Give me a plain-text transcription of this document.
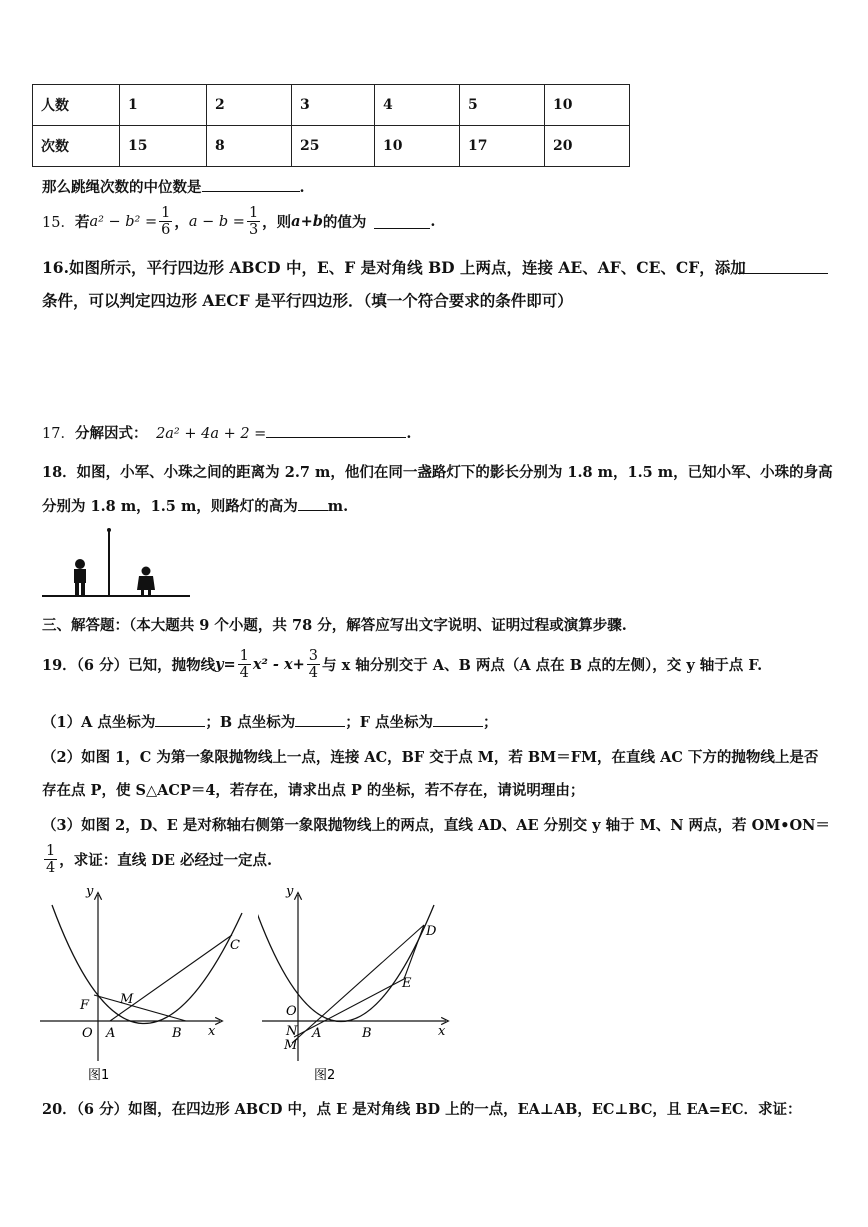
人数	1	2	3	4	5	10
次数	15	8	25	10	17	20
那么跳绳次数的中位数是	.
15． 若 $a^2 - b^2 = \frac{1}{6}$ ， $a - b = \frac{1}{3}$ ，则 a+b 的值为	.
16.如图所示，平行四边形 ABCD 中，E、F 是对角线 BD 上两点，连接 AE、AF、CE、CF，添加
条件，可以判定四边形 AECF 是平行四边形．（填一个符合要求的条件即可）
17．分解因式： 2a² + 4a + 2 =	.
18．如图，小军、小珠之间的距离为 2.7 m，他们在同一盏路灯下的影长分别为 1.8 m，1.5 m，已知小军、小珠的身高
分别为 1.8 m，1.5 m，则路灯的高为 m.
三、解答题：（本大题共 9 个小题，共 78 分，解答应写出文字说明、证明过程或演算步骤.
19．（6 分）已知，抛物线 $y= \frac{1}{4} x^2 - x+ \frac{3}{4}$ 与 x 轴分别交于 A、B 两点（A 点在 B 点的左侧），交 y 轴于点 F.
（1）A 点坐标为	；B 点坐标为	；F 点坐标为	；
（2）如图 1，C 为第一象限抛物线上一点，连接 AC，BF 交于点 M，若 BM＝FM，在直线 AC 下方的抛物线上是否
存在点 P，使 S△ACP＝4，若存在，请求出点 P 的坐标，若不存在，请说明理由；
（3）如图 2，D、E 是对称轴右侧第一象限抛物线上的两点，直线 AD、AE 分别交 y 轴于 M、N 两点，若 OM•ON＝
$\frac{1}{4}$ ，求证：直线 DE 必经过一定点.
y
x
O A	B
C
F M
图1
y
x
O
A	B
D
E
N
M
图2
20．（6 分）如图，在四边形 ABCD 中，点 E 是对角线 BD 上的一点，EA⊥AB，EC⊥BC，且 EA=EC．求证：
